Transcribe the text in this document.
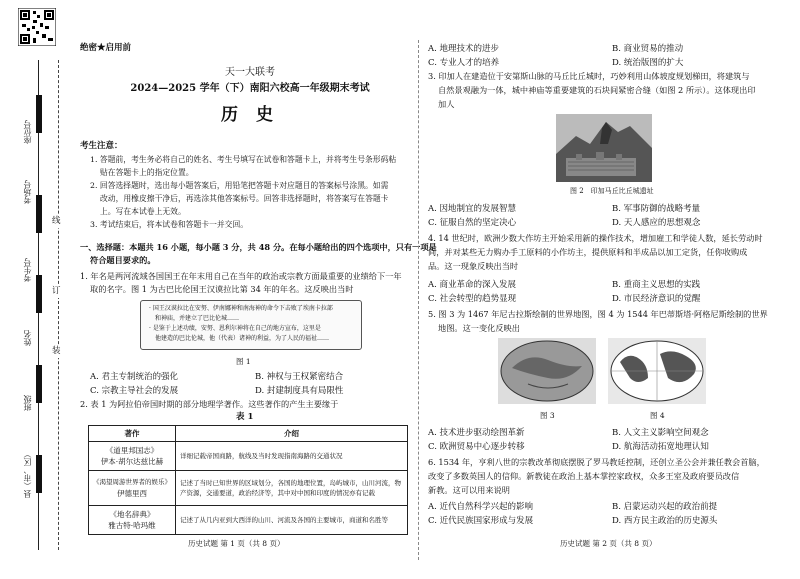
座位号
考场号
考生号
姓名
班级
县（市、区）
线
订
装
绝密★启用前
天一大联考
2024—2025 学年（下）南阳六校高一年级期末考试
历 史
考生注意：
1. 答题前，考生务必将自己的姓名、考生号填写在试卷和答题卡上，并将考生号条形码粘
贴在答题卡上的指定位置。
2. 回答选择题时，选出每小题答案后，用铅笔把答题卡对应题目的答案标号涂黑。如需
改动，用橡皮擦干净后，再选涂其他答案标号。回答非选择题时，将答案写在答题卡
上。写在本试卷上无效。
3. 考试结束后，将本试卷和答题卡一并交回。
一、选择题：本题共 16 小题，每小题 3 分，共 48 分。在每小题给出的四个选项中，只有一项是
符合题目要求的。
1. 年名是两河流域各国国王在年末用自己在当年的政治或宗教方面最重要的业绩给下一年
取的名字。图 1 为古巴比伦国王汉谟拉比第 34 年的年名。这反映出当时
· 国王汉谟拉比在安努、伊南娜神和南海神的命令下击败了埃南卡拉部
和神庙，并建立了巴比伦城……
· 是鉴于上述功绩，安努、恩利尔神将在自己的地方宣布，这里是
他建造的巴比伦城，他（代表）诸神的利益，为了人民的福祉……
图 1
A. 君主专制统治的强化	B. 神权与王权紧密结合
C. 宗教主导社会的发展	D. 封建制度具有局限性
2. 表 1 为阿拉伯帝国时期的部分地理学著作。这些著作的产生主要缘于
表 1
著作	介绍

《道里邦国志》
伊本·胡尔达兹比赫	详细记载帝国商路，航线及当时发现指南海路的交通状况

《渴望周游世界者的娱乐》
伊德里西	记述了当时已知世界的区域划分，各国的地理位置，岛屿城市，山川河流，物产资源，交通要道，政治经济等，其中对中国和印度的情况亦有记载

《地名辞典》
雅古特·哈玛维	记述了从几内亚到大西洋的山川、河流及各国的主要城市，商道和名胜等
历史试题 第 1 页（共 8 页）
A. 地理技术的进步	B. 商业贸易的推动
C. 专业人才的培养	D. 统治版图的扩大
3. 印加人在建造位于安第斯山脉的马丘比丘城时，巧妙利用山体坡度规划梯田，将建筑与
自然景观融为一体，城中神庙等重要建筑的石块间紧密合缝（如图 2 所示）。这体现出印
加人
图 2　印加马丘比丘城遗址
A. 因地制宜的发展智慧	B. 军事防御的战略考量
C. 征服自然的坚定决心	D. 天人感应的思想观念
4. 14 世纪时，欧洲少数大作坊主开始采用新的操作技术，增加雇工和学徒人数，延长劳动时
间，并对某些无力购办手工原料的小作坊主，提供原料和半成品以加工定货，任你收购成
品。这一现象反映出当时
A. 商业革命的深入发展	B. 重商主义思想的实践
C. 社会转型的趋势显现	D. 市民经济意识的觉醒
5. 图 3 为 1467 年尼古拉斯绘制的世界地图，图 4 为 1544 年巴蒂斯塔·阿格尼斯绘制的世界
地图。这一变化反映出
图 3	图 4
A. 技术进步驱动绘图革新	B. 人文主义影响空间观念
C. 欧洲贸易中心逐步转移	D. 航海活动拓宽地理认知
6. 1534 年，亨利八世的宗教改革彻底摆脱了罗马教廷控制，还创立圣公会并兼任教会首脑，
改变了多数英国人的信仰。新教徒在政治上基本掌控家政权，众多王室及政府要员改信
新教。这可以用来说明
A. 近代自然科学兴起的影响	B. 启蒙运动兴起的政治前提
C. 近代民族国家形成与发展	D. 西方民主政治的历史源头
历史试题 第 2 页（共 8 页）
